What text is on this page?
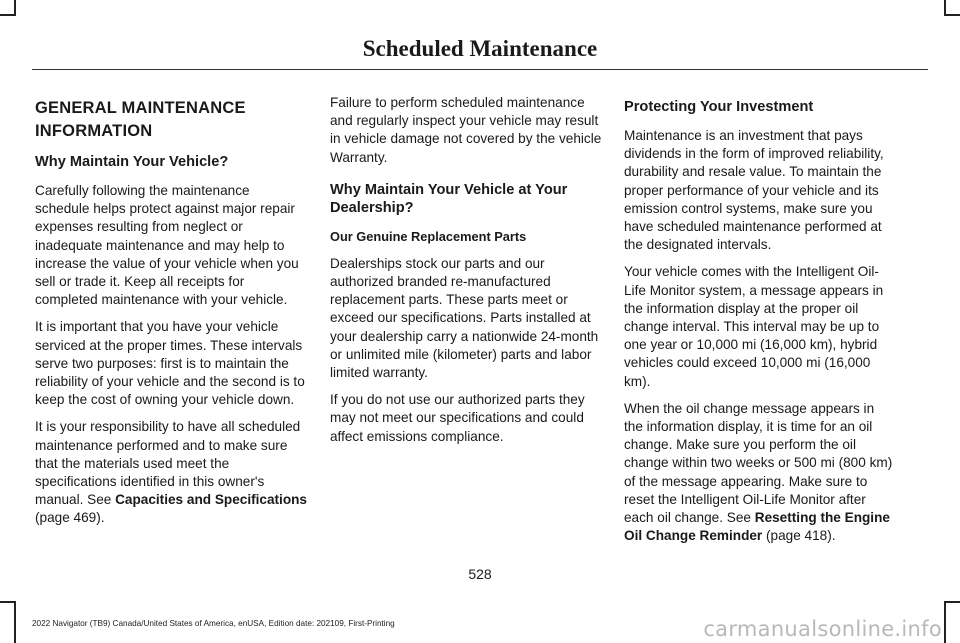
Scheduled Maintenance
GENERAL MAINTENANCE
INFORMATION
Why Maintain Your Vehicle?

Carefully following the maintenance schedule helps protect against major repair expenses resulting from neglect or inadequate maintenance and may help to increase the value of your vehicle when you sell or trade it. Keep all receipts for completed maintenance with your vehicle.

It is important that you have your vehicle serviced at the proper times. These intervals serve two purposes: first is to maintain the reliability of your vehicle and the second is to keep the cost of owning your vehicle down.

It is your responsibility to have all scheduled maintenance performed and to make sure that the materials used meet the specifications identified in this owner's manual. See Capacities and Specifications
(page 469).

Failure to perform scheduled maintenance and regularly inspect your vehicle may result in vehicle damage not covered by the vehicle Warranty.

Why Maintain Your Vehicle at Your Dealership?
Our Genuine Replacement Parts

Dealerships stock our parts and our authorized branded re-manufactured replacement parts. These parts meet or exceed our specifications. Parts installed at your dealership carry a nationwide 24-month or unlimited mile (kilometer) parts and labor limited warranty.

If you do not use our authorized parts they may not meet our specifications and could affect emissions compliance.

Protecting Your Investment

Maintenance is an investment that pays dividends in the form of improved reliability, durability and resale value. To maintain the proper performance of your vehicle and its emission control systems, make sure you have scheduled maintenance performed at the designated intervals.

Your vehicle comes with the Intelligent Oil-Life Monitor system, a message appears in the information display at the proper oil change interval. This interval may be up to one year or 10,000 mi (16,000 km), hybrid vehicles could exceed 10,000 mi (16,000 km).

When the oil change message appears in the information display, it is time for an oil change. Make sure you perform the oil change within two weeks or 500 mi (800 km) of the message appearing. Make sure to reset the Intelligent Oil-Life Monitor after each oil change. See Resetting the Engine Oil Change Reminder (page 418).

528
2022 Navigator (TB9) Canada/United States of America, enUSA, Edition date: 202109, First-Printing	carmanualsonline.info
